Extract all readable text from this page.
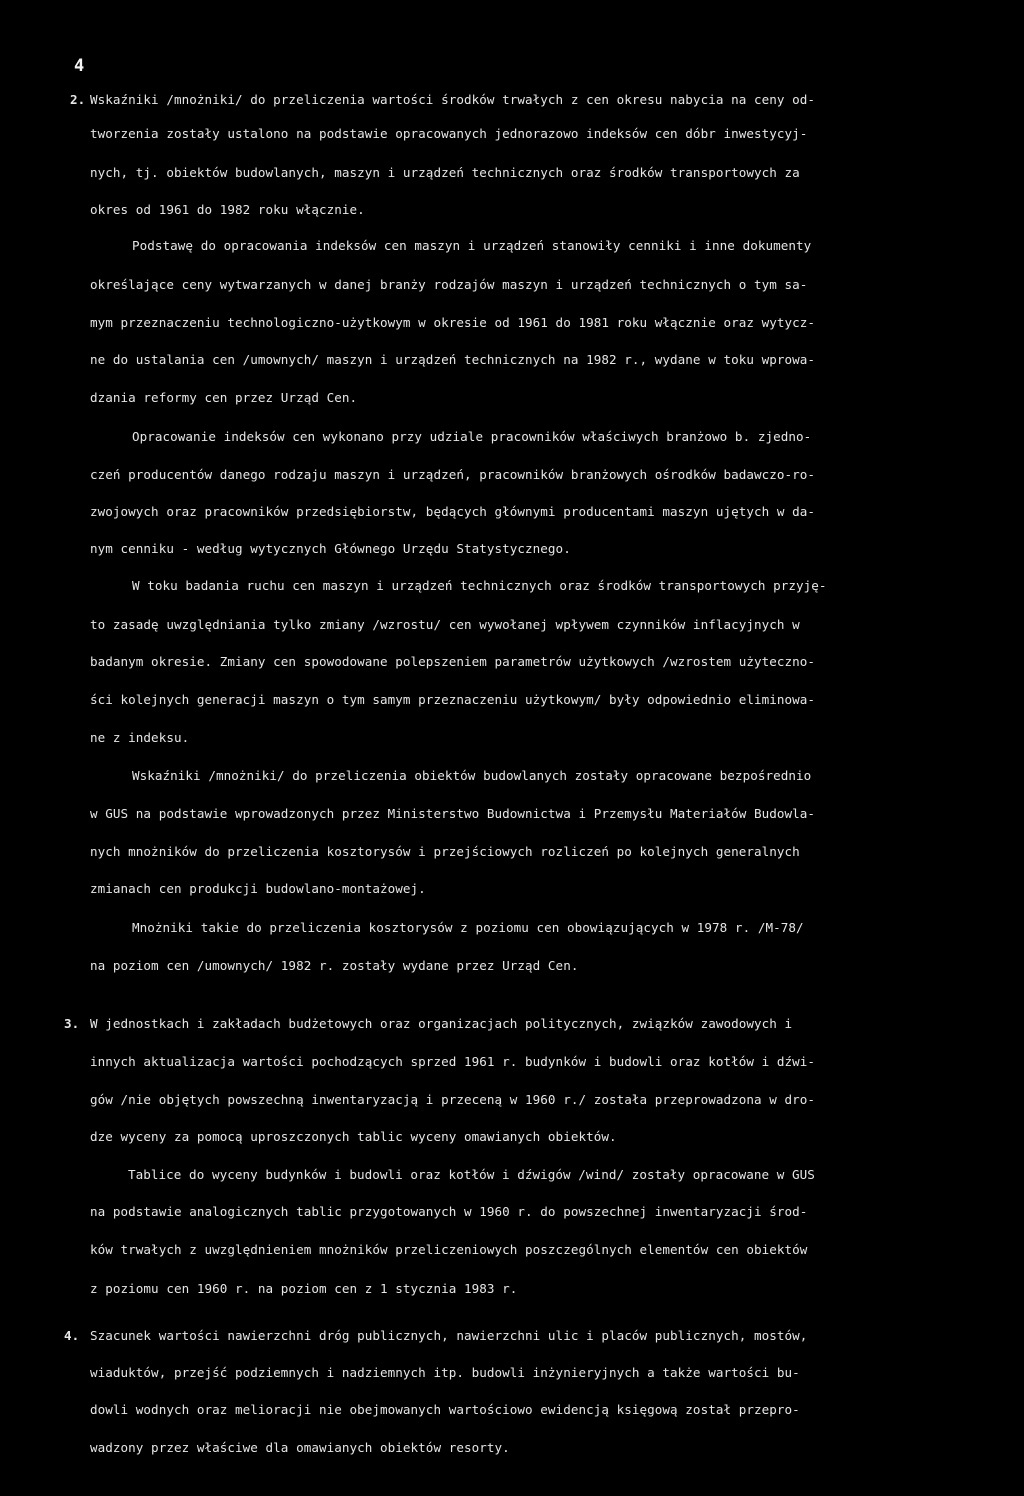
4
2. Wskaźniki /mnożniki/ do przeliczenia wartości środków trwałych z cen okresu nabycia na ceny od-
tworzenia zostały ustalono na podstawie opracowanych jednorazowo indeksów cen dóbr inwestycyj-
nych, tj. obiektów budowlanych, maszyn i urządzeń technicznych oraz środków transportowych za
okres od 1961 do 1982 roku włącznie.
Podstawę do opracowania indeksów cen maszyn i urządzeń stanowiły cenniki i inne dokumenty
określające ceny wytwarzanych w danej branży rodzajów maszyn i urządzeń technicznych o tym sa-
mym przeznaczeniu technologiczno-użytkowym w okresie od 1961 do 1981 roku włącznie oraz wytycz-
ne do ustalania cen /umownych/ maszyn i urządzeń technicznych na 1982 r., wydane w toku wprowa-
dzania reformy cen przez Urząd Cen.
Opracowanie indeksów cen wykonano przy udziale pracowników właściwych branżowo b. zjedno-
czeń producentów danego rodzaju maszyn i urządzeń, pracowników branżowych ośrodków badawczo-ro-
zwojowych oraz pracowników przedsiębiorstw, będących głównymi producentami maszyn ujętych w da-
nym cenniku - według wytycznych Głównego Urzędu Statystycznego.
W toku badania ruchu cen maszyn i urządzeń technicznych oraz środków transportowych przyję-
to zasadę uwzględniania tylko zmiany /wzrostu/ cen wywołanej wpływem czynników inflacyjnych w
badanym okresie. Zmiany cen spowodowane polepszeniem parametrów użytkowych /wzrostem użyteczno-
ści kolejnych generacji maszyn o tym samym przeznaczeniu użytkowym/ były odpowiednio eliminowa-
ne z indeksu.
Wskaźniki /mnożniki/ do przeliczenia obiektów budowlanych zostały opracowane bezpośrednio
w GUS na podstawie wprowadzonych przez Ministerstwo Budownictwa i Przemysłu Materiałów Budowla-
nych mnożników do przeliczenia kosztorysów i przejściowych rozliczeń po kolejnych generalnych
zmianach cen produkcji budowlano-montażowej.
Mnożniki takie do przeliczenia kosztorysów z poziomu cen obowiązujących w 1978 r. /M-78/
na poziom cen /umownych/ 1982 r. zostały wydane przez Urząd Cen.
3. W jednostkach i zakładach budżetowych oraz organizacjach politycznych, związków zawodowych i
innych aktualizacja wartości pochodzących sprzed 1961 r. budynków i budowli oraz kotłów i dźwi-
gów /nie objętych powszechną inwentaryzacją i przeceną w 1960 r./ została przeprowadzona w dro-
dze wyceny za pomocą uproszczonych tablic wyceny omawianych obiektów.
Tablice do wyceny budynków i budowli oraz kotłów i dźwigów /wind/ zostały opracowane w GUS
na podstawie analogicznych tablic przygotowanych w 1960 r. do powszechnej inwentaryzacji środ-
ków trwałych z uwzględnieniem mnożników przeliczeniowych poszczególnych elementów cen obiektów
z poziomu cen 1960 r. na poziom cen z 1 stycznia 1983 r.
4. Szacunek wartości nawierzchni dróg publicznych, nawierzchni ulic i placów publicznych, mostów,
wiaduktów, przejść podziemnych i nadziemnych itp. budowli inżynieryjnych a także wartości bu-
dowli wodnych oraz melioracji nie obejmowanych wartościowo ewidencją księgową został przepro-
wadzony przez właściwe dla omawianych obiektów resorty.
